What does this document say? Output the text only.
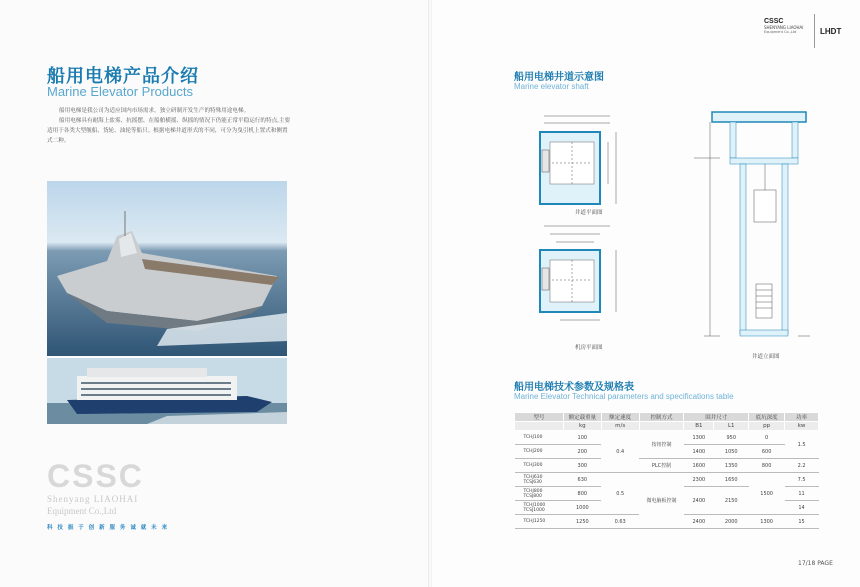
船用电梯产品介绍
Marine Elevator Products

船用电梯是我公司为适应国内市场需求，独立研制开发生产的特殊用途电梯。

船用电梯具有耐海上盐雾、抗摇摆、在船舶横摇、纵摇的情况下仍能正常平稳运行的特点,主要适用于各类大型舰船、货轮、油轮等船只。根据电梯井道形式的不同，可分为曳引机上置式和侧置式二种。

CSSC
Shenyang LIAOHAI
Equipment Co.,Ltd
科 技 振 于 创 新 服 务 诚 就 未 来
CSSC
SHENYANG LIAOHAI
Equipment Co.,Ltd	LHDT
船用电梯井道示意图
Marine elevator shaft
井道平面图
机房平面图
井道立面图
船用电梯技术参数及规格表
Marine Elevator Technical parameters and specifications table
型号	额定载重量	额定速度	控制方式	围井尺寸		底坑深度	功率
	kg	m/s		B1	L1	pp	kw
TCHJ100	100	0.4	按钮控制	1300	950	0	1.5
TCHJ200	200			1400	1050	600	
TCHJ300	300		PLC控制	1600	1350	800	2.2
TCHJ630
TCSJ630	630	0.5	微电脑板控制	2300	1650	1500	7.5
TCHJ800
TCSJ800	800			2400	2150		11
TCHJ1000
TCSJ1000	1000						14
TCHJ1250	1250	0.63		2400	2000	1300	15
17/18 PAGE
